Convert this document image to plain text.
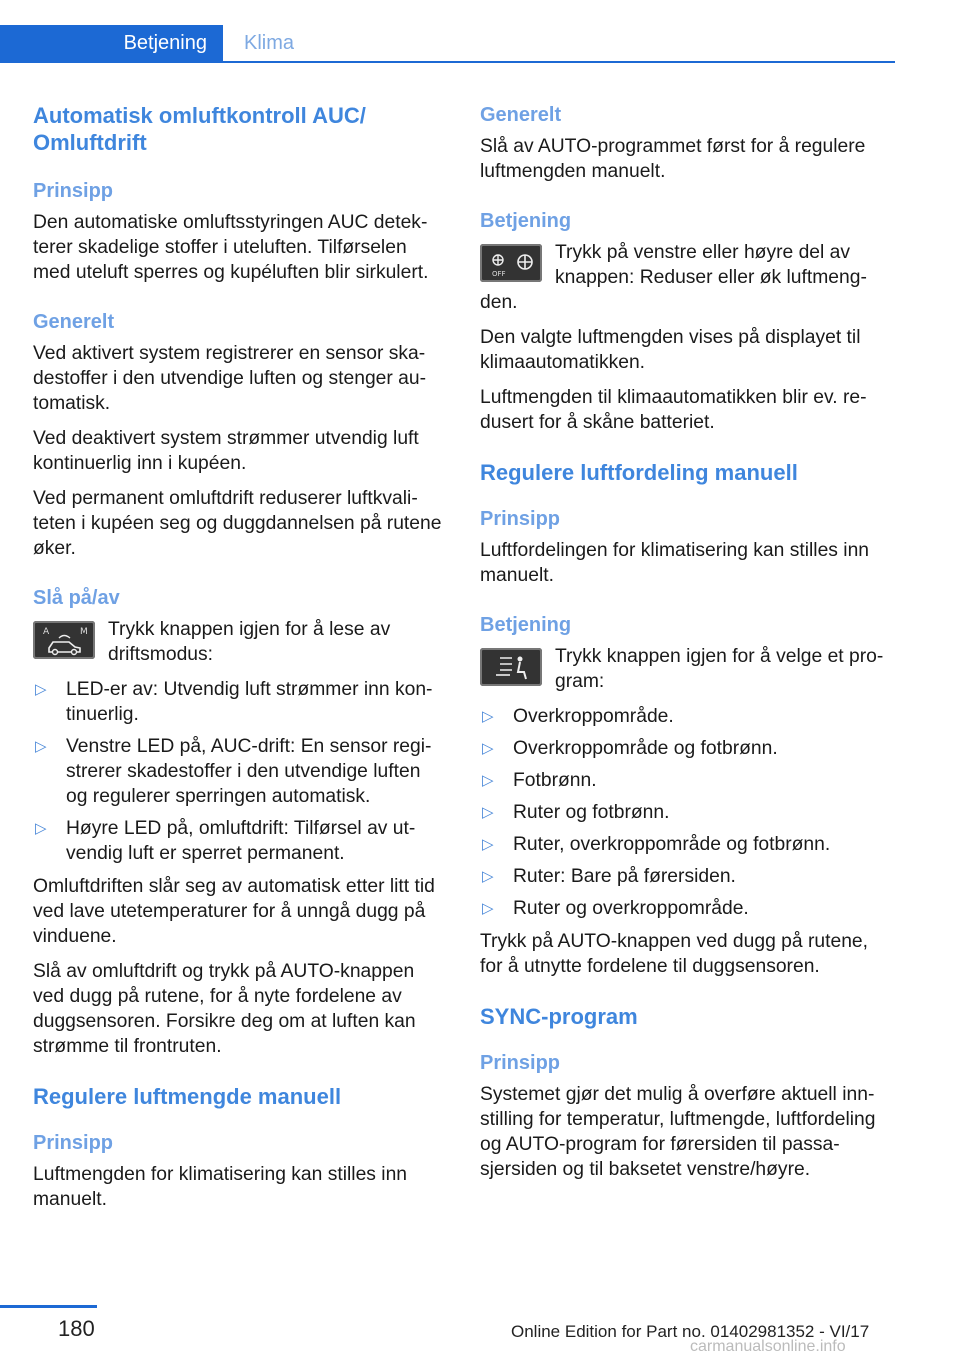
Betjening Klima
Automatisk omluftkontroll AUC/ Omluftdrift
Prinsipp

Den automatiske omluftsstyringen AUC detekterer skadelige stoffer i uteluften. Tilførselen med uteluft sperres og kupéluften blir sirkulert.

Generelt

Ved aktivert system registrerer en sensor skadestoffer i den utvendige luften og stenger automatisk.

Ved deaktivert system strømmer utvendig luft kontinuerlig inn i kupéen.

Ved permanent omluftdrift reduserer luftkvaliteten i kupéen seg og duggdannelsen på rutene øker.

Slå på/av
A	M Trykk knappen igjen for å lese av driftsmodus:

▷ LED-er av: Utvendig luft strømmer inn kontinuerlig.
▷ Venstre LED på, AUC-drift: En sensor registrerer skadestoffer i den utvendige luften og regulerer sperringen automatisk.
▷ Høyre LED på, omluftdrift: Tilførsel av utvendig luft er sperret permanent.

Omluftdriften slår seg av automatisk etter litt tid ved lave utetemperaturer for å unngå dugg på vinduene.

Slå av omluftdrift og trykk på AUTO-knappen ved dugg på rutene, for å nyte fordelene av duggsensoren. Forsikre deg om at luften kan strømme til frontruten.

Regulere luftmengde manuell
Prinsipp

Luftmengden for klimatisering kan stilles inn manuelt.

Generelt

Slå av AUTO-programmet først for å regulere luftmengden manuelt.

Betjening
OFF

Trykk på venstre eller høyre del av knappen: Reduser eller øk luftmengden.

Den valgte luftmengden vises på displayet til klimaautomatikken.

Luftmengden til klimaautomatikken blir ev. redusert for å skåne batteriet.

Regulere luftfordeling manuell
Prinsipp

Luftfordelingen for klimatisering kan stilles inn manuelt.

Betjening

Trykk knappen igjen for å velge et program:

▷ Overkroppområde.
▷ Overkroppområde og fotbrønn.
▷ Fotbrønn.
▷ Ruter og fotbrønn.
▷ Ruter, overkroppområde og fotbrønn.
▷ Ruter: Bare på førersiden.
▷ Ruter og overkroppområde.

Trykk på AUTO-knappen ved dugg på rutene, for å utnytte fordelene til duggsensoren.

SYNC-program
Prinsipp

Systemet gjør det mulig å overføre aktuell innstilling for temperatur, luftmengde, luftfordeling og AUTO-program for førersiden til passasjersiden og til baksetet venstre/høyre.

180	Online Edition for Part no. 01402981352 - VI/17
carmanualsonline.info
